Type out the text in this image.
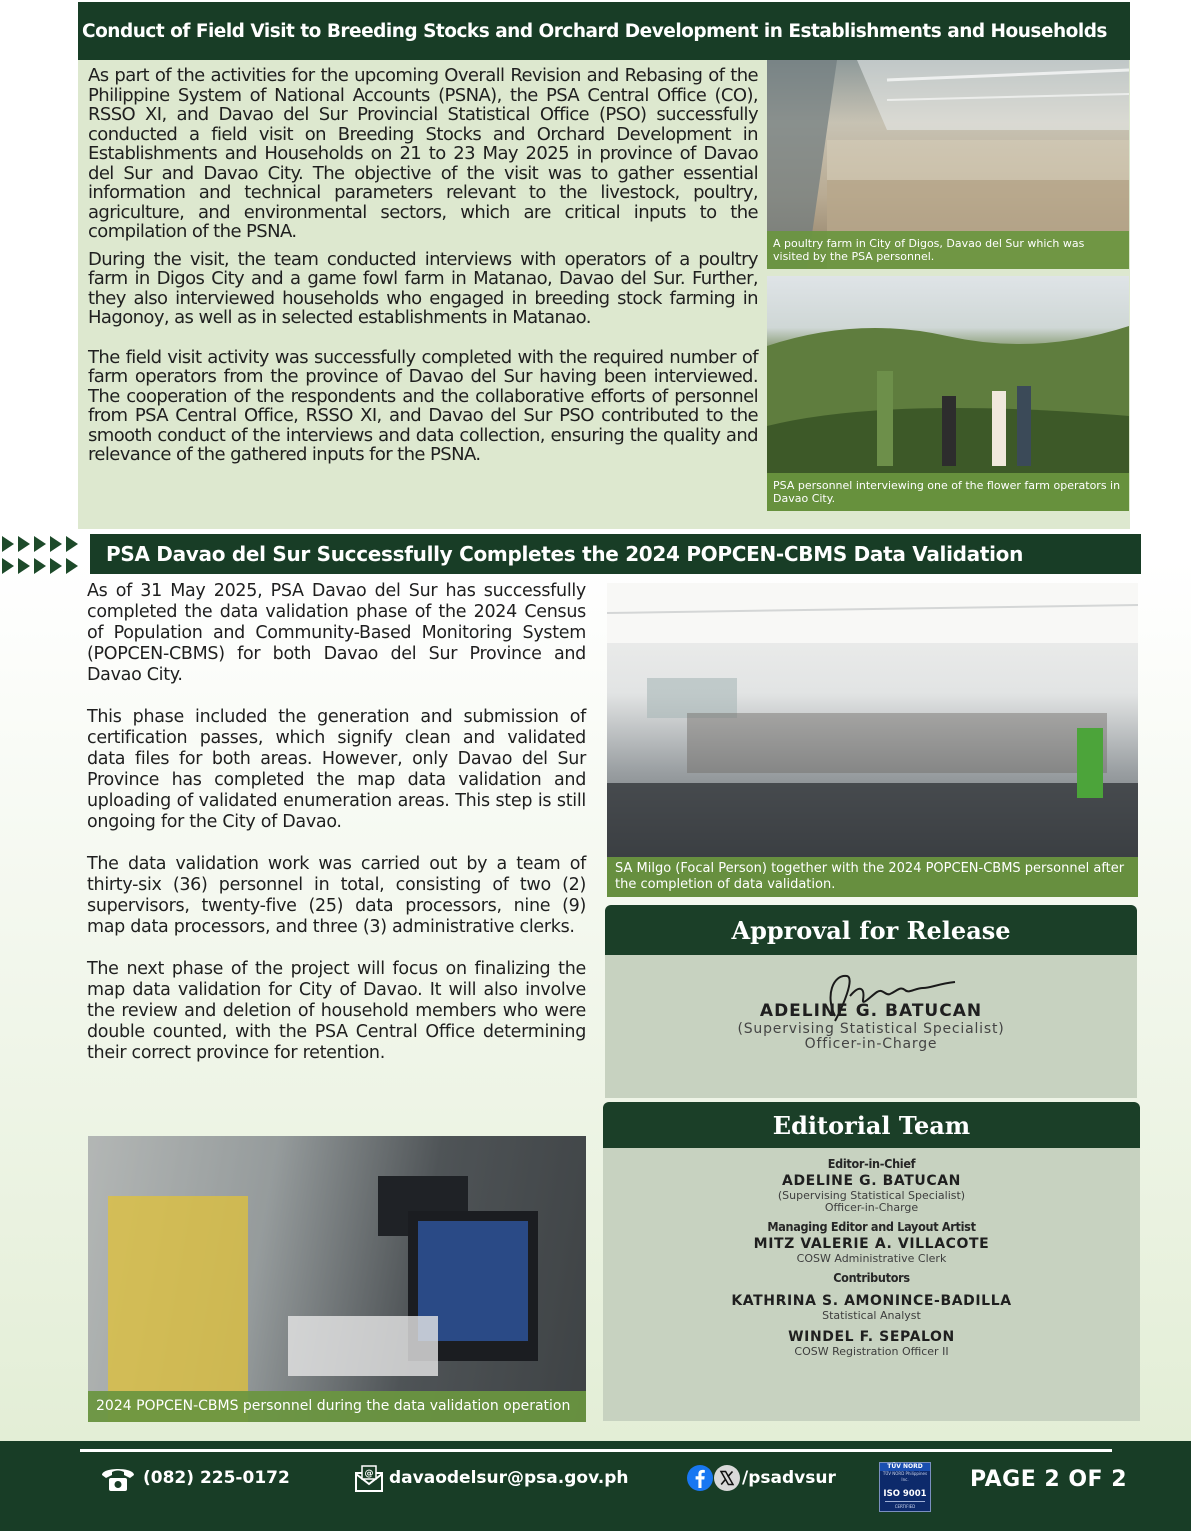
Conduct of Field Visit to Breeding Stocks and Orchard Development in Establishments and Households

As part of the activities for the upcoming Overall Revision and Rebasing of the Philippine System of National Accounts (PSNA), the PSA Central Office (CO), RSSO XI, and Davao del Sur Provincial Statistical Office (PSO) successfully conducted a field visit on Breeding Stocks and Orchard Development in Establishments and Households on 21 to 23 May 2025 in province of Davao del Sur and Davao City. The objective of the visit was to gather essential information and technical parameters relevant to the livestock, poultry, agriculture, and environmental sectors, which are critical inputs to the compilation of the PSNA.

During the visit, the team conducted interviews with operators of a poultry farm in Digos City and a game fowl farm in Matanao, Davao del Sur. Further, they also interviewed households who engaged in breeding stock farming in Hagonoy, as well as in selected establishments in Matanao.

The field visit activity was successfully completed with the required number of farm operators from the province of Davao del Sur having been interviewed. The cooperation of the respondents and the collaborative efforts of personnel from PSA Central Office, RSSO XI, and Davao del Sur PSO contributed to the smooth conduct of the interviews and data collection, ensuring the quality and relevance of the gathered inputs for the PSNA.

A poultry farm in City of Digos, Davao del Sur which was visited by the PSA personnel.
PSA personnel interviewing one of the flower farm operators in Davao City.
PSA Davao del Sur Successfully Completes the 2024 POPCEN-CBMS Data Validation

As of 31 May 2025, PSA Davao del Sur has successfully completed the data validation phase of the 2024 Census of Population and Community-Based Monitoring System (POPCEN-CBMS) for both Davao del Sur Province and Davao City.

This phase included the generation and submission of certification passes, which signify clean and validated data files for both areas. However, only Davao del Sur Province has completed the map data validation and uploading of validated enumeration areas. This step is still ongoing for the City of Davao.

The data validation work was carried out by a team of thirty-six (36) personnel in total, consisting of two (2) supervisors, twenty-five (25) data processors, nine (9) map data processors, and three (3) administrative clerks.

The next phase of the project will focus on finalizing the map data validation for City of Davao. It will also involve the review and deletion of household members who were double counted, with the PSA Central Office determining their correct province for retention.

SA Milgo (Focal Person) together with the 2024 POPCEN-CBMS personnel after the completion of data validation.
2024 POPCEN-CBMS personnel during the data validation operation
Approval for Release
ADELINE G. BATUCAN
(Supervising Statistical Specialist)
Officer-in-Charge
Editorial Team
Editor-in-Chief
ADELINE G. BATUCAN
(Supervising Statistical Specialist)
Officer-in-Charge
Managing Editor and Layout Artist
MITZ VALERIE A. VILLACOTE
COSW Administrative Clerk
Contributors
KATHRINA S. AMONINCE-BADILLA
Statistical Analyst
WINDEL F. SEPALON
COSW Registration Officer II
(082) 225-0172	@ davaodelsur@psa.gov.ph	/psadvsur
TÜV NORD
TÜV NORD Philippines Inc.
ISO 9001
CERTIFIED
PAGE 2 OF 2
